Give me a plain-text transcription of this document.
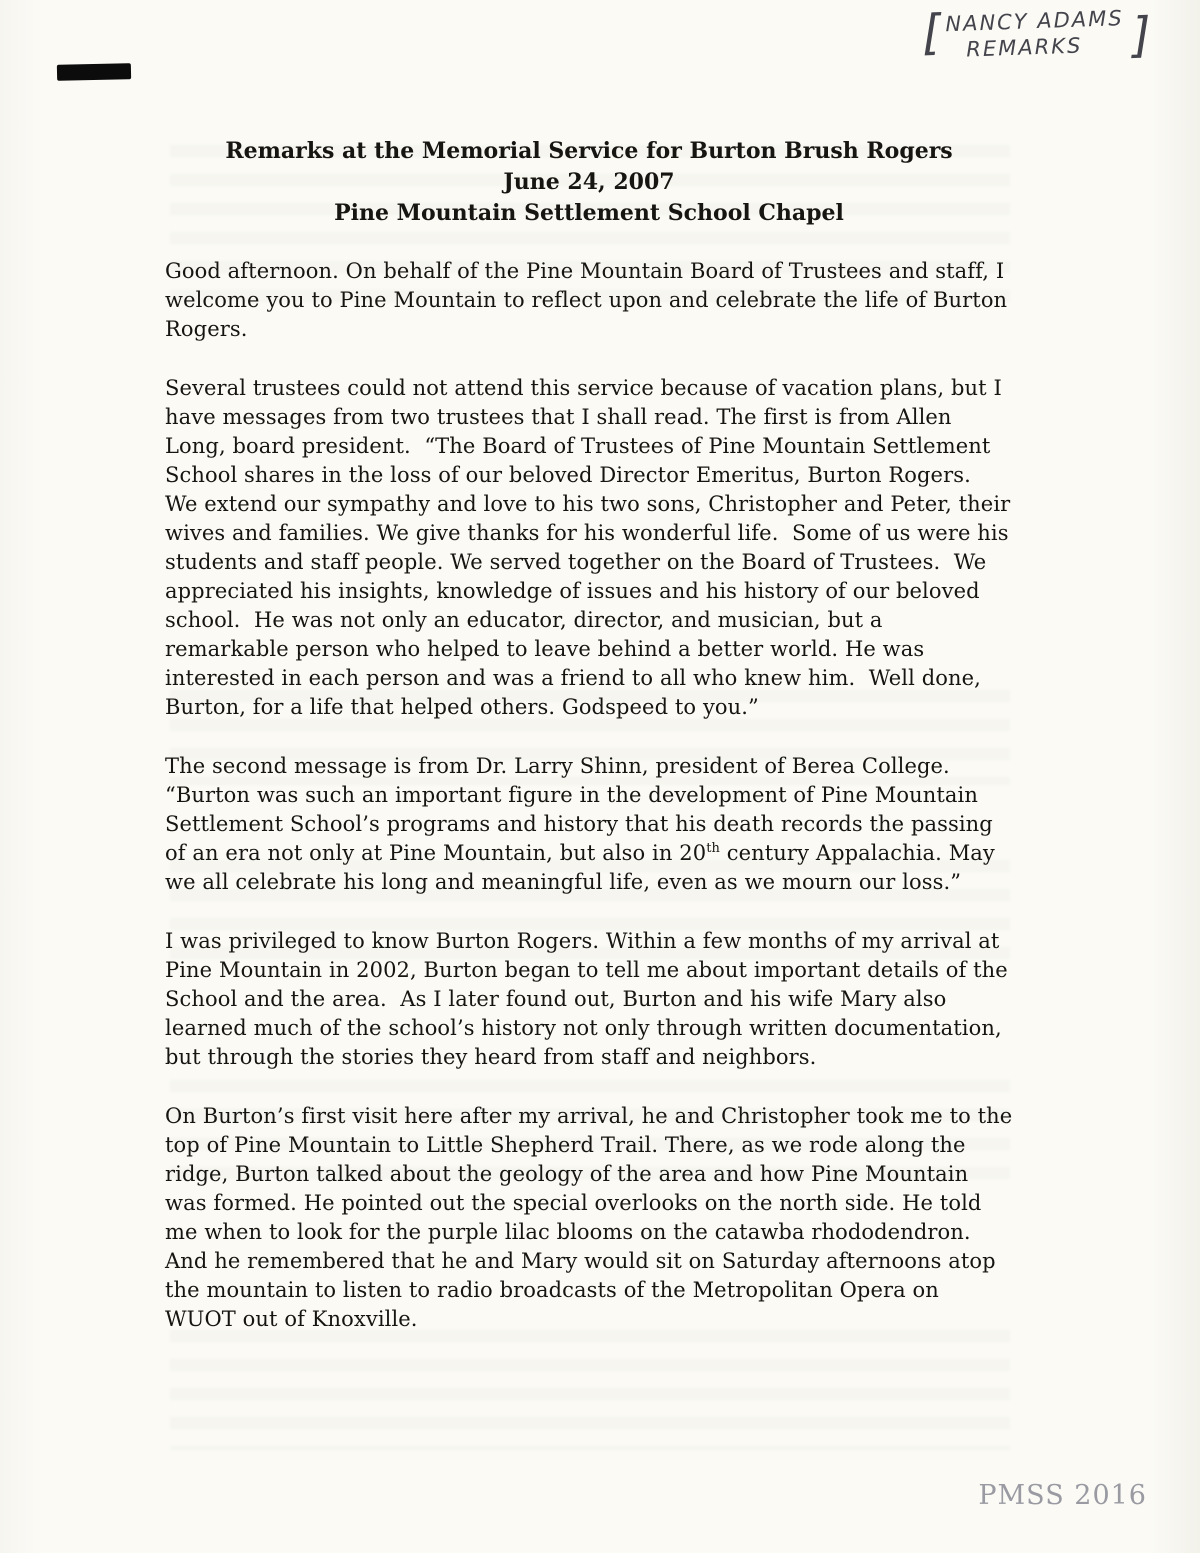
[ NANCY ADAMS
REMARKS	]
Remarks at the Memorial Service for Burton Brush Rogers
June 24, 2007
Pine Mountain Settlement School Chapel

Good afternoon. On behalf of the Pine Mountain Board of Trustees and staff, I welcome you to Pine Mountain to reflect upon and celebrate the life of Burton Rogers.

Several trustees could not attend this service because of vacation plans, but I have messages from two trustees that I shall read. The first is from Allen Long, board president.  “The Board of Trustees of Pine Mountain Settlement School shares in the loss of our beloved Director Emeritus, Burton Rogers.  We extend our sympathy and love to his two sons, Christopher and Peter, their wives and families. We give thanks for his wonderful life.  Some of us were his students and staff people. We served together on the Board of Trustees.  We appreciated his insights, knowledge of issues and his history of our beloved school.  He was not only an educator, director, and musician, but a remarkable person who helped to leave behind a better world. He was interested in each person and was a friend to all who knew him.  Well done, Burton, for a life that helped others. Godspeed to you.”

The second message is from Dr. Larry Shinn, president of Berea College. “Burton was such an important figure in the development of Pine Mountain Settlement School’s programs and history that his death records the passing of an era not only at Pine Mountain, but also in 20th century Appalachia. May we all celebrate his long and meaningful life, even as we mourn our loss.”

I was privileged to know Burton Rogers. Within a few months of my arrival at Pine Mountain in 2002, Burton began to tell me about important details of the School and the area.  As I later found out, Burton and his wife Mary also learned much of the school’s history not only through written documentation, but through the stories they heard from staff and neighbors.

On Burton’s first visit here after my arrival, he and Christopher took me to the top of Pine Mountain to Little Shepherd Trail. There, as we rode along the ridge, Burton talked about the geology of the area and how Pine Mountain was formed. He pointed out the special overlooks on the north side. He told me when to look for the purple lilac blooms on the catawba rhododendron. And he remembered that he and Mary would sit on Saturday afternoons atop the mountain to listen to radio broadcasts of the Metropolitan Opera on WUOT out of Knoxville.

PMSS 2016
